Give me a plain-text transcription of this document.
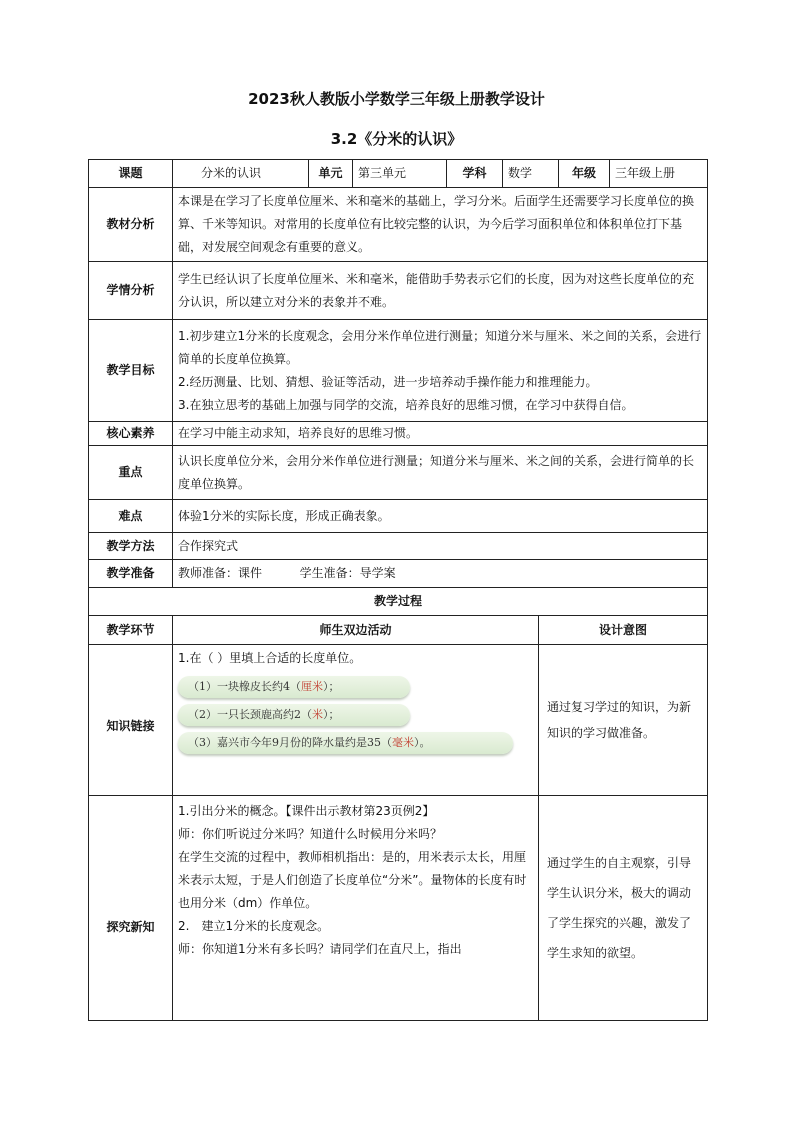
2023秋人教版小学数学三年级上册教学设计
3.2《分米的认识》
课题	分米的认识	单元	第三单元	学科	数学		年级	三年级上册
教材分析	本课是在学习了长度单位厘米、米和毫米的基础上，学习分米。后面学生还需要学习长度单位的换算、千米等知识。对常用的长度单位有比较完整的认识，为今后学习面积单位和体积单位打下基础，对发展空间观念有重要的意义。							
学情分析	学生已经认识了长度单位厘米、米和毫米，能借助手势表示它们的长度，因为对这些长度单位的充分认识，所以建立对分米的表象并不难。							
教学目标	1.初步建立1分米的长度观念，会用分米作单位进行测量；知道分米与厘米、米之间的关系，会进行简单的长度单位换算。
2.经历测量、比划、猜想、验证等活动，进一步培养动手操作能力和推理能力。
3.在独立思考的基础上加强与同学的交流，培养良好的思维习惯，在学习中获得自信。							

核心素养	在学习中能主动求知，培养良好的思维习惯。							
重点	认识长度单位分米，会用分米作单位进行测量；知道分米与厘米、米之间的关系，会进行简单的长度单位换算。							
难点	体验1分米的实际长度，形成正确表象。							
教学方法	合作探究式							
教学准备	教师准备：课件 学生准备：导学案							
教学过程								
教学环节	师生双边活动					设计意图		
知识链接	1.在（ ）里填上合适的长度单位。
（1）一块橡皮长约4（厘米）；
（2）一只长颈鹿高约2（米）；
（3）嘉兴市今年9月份的降水量约是35（毫米）。					通过复习学过的知识，为新知识的学习做准备。		
探究新知	1.引出分米的概念。【课件出示教材第23页例2】
师：你们听说过分米吗？知道什么时候用分米吗？
在学生交流的过程中，教师相机指出：是的，用米表示太长，用厘米表示太短，于是人们创造了长度单位“分米”。量物体的长度有时也用分米（dm）作单位。
2.　建立1分米的长度观念。
师：你知道1分米有多长吗？请同学们在直尺上，指出					通过学生的自主观察，引导学生认识分米，极大的调动了学生探究的兴趣，激发了学生求知的欲望。		
